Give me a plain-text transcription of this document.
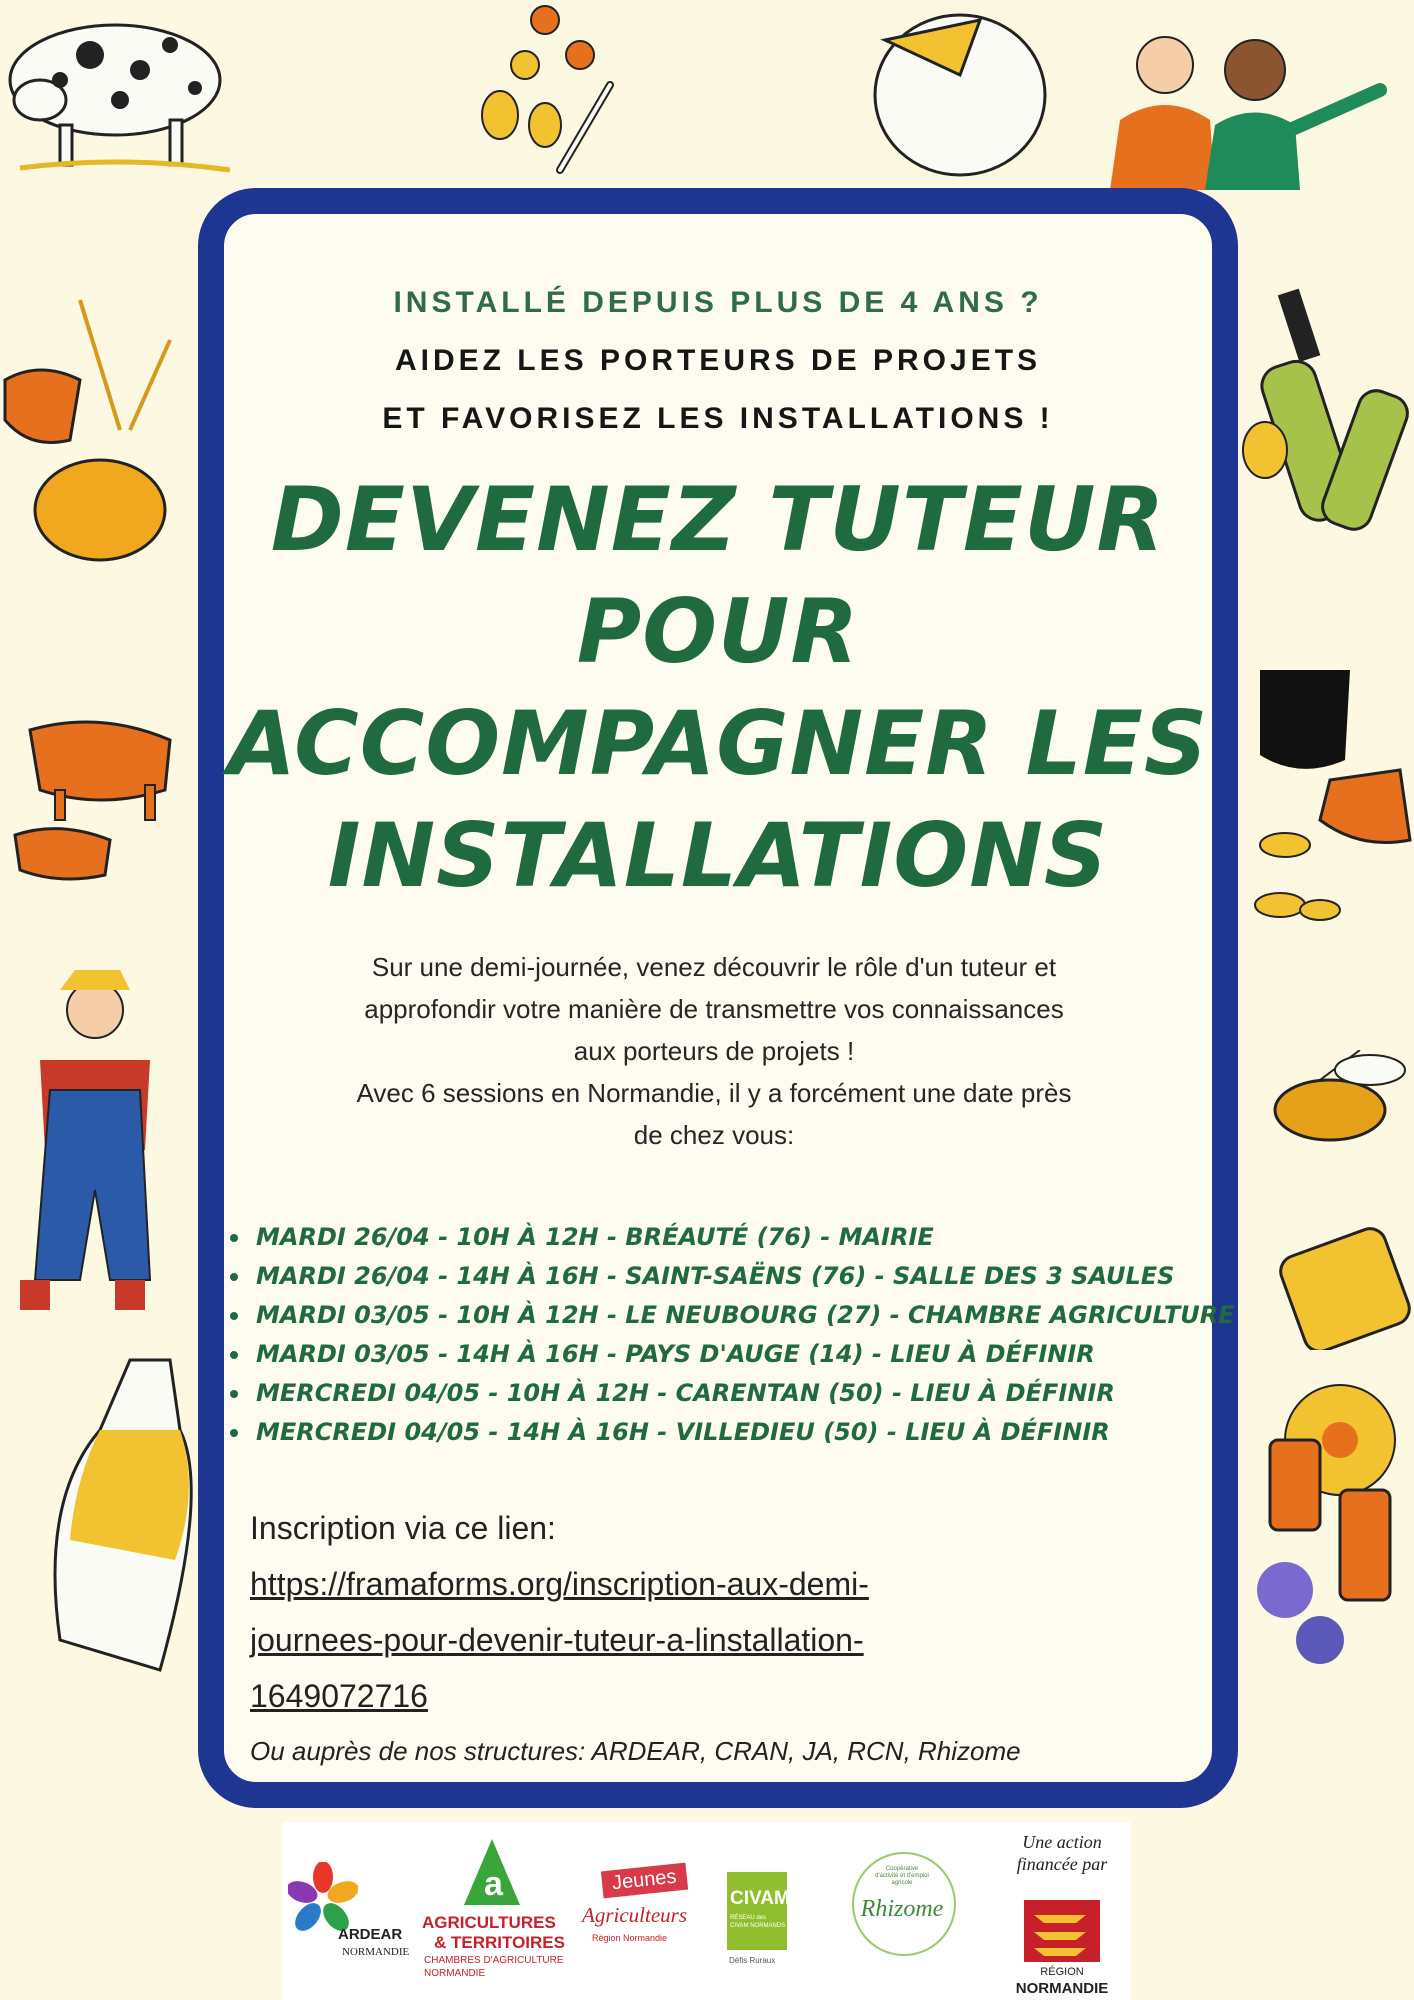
INSTALLÉ DEPUIS PLUS DE 4 ANS ?
AIDEZ LES PORTEURS DE PROJETS
ET FAVORISEZ LES INSTALLATIONS !
DEVENEZ TUTEUR
POUR
ACCOMPAGNER LES
INSTALLATIONS
Sur une demi-journée, venez découvrir le rôle d'un tuteur et
approfondir votre manière de transmettre vos connaissances
aux porteurs de projets !
Avec 6 sessions en Normandie, il y a forcément une date près
de chez vous:
MARDI 26/04 - 10H À 12H - BRÉAUTÉ (76) - MAIRIE
MARDI 26/04 - 14H À 16H - SAINT-SAËNS (76) - SALLE DES 3 SAULES
MARDI 03/05 - 10H À 12H - LE NEUBOURG (27) - CHAMBRE AGRICULTURE
MARDI 03/05 - 14H À 16H - PAYS D'AUGE (14) - LIEU À DÉFINIR
MERCREDI 04/05 - 10H À 12H - CARENTAN (50) - LIEU À DÉFINIR
MERCREDI 04/05 - 14H À 16H - VILLEDIEU (50) - LIEU À DÉFINIR
Inscription via ce lien:
https://framaforms.org/inscription-aux-demi-
journees-pour-devenir-tuteur-a-linstallation-
1649072716
Ou auprès de nos structures: ARDEAR, CRAN, JA, RCN, Rhizome
ARDEAR
NORMANDIE
a
AGRICULTURES
& TERRITOIRES
CHAMBRES D'AGRICULTURE
NORMANDIE
Jeunes
Agriculteurs
Région Normandie
CIVAM
RÉSEAU des CIVAM NORMANDS
Défis Ruraux
Coopérative d'activité et d'emploi agricole
Rhizome
Une action
financée par
RÉGION
NORMANDIE
